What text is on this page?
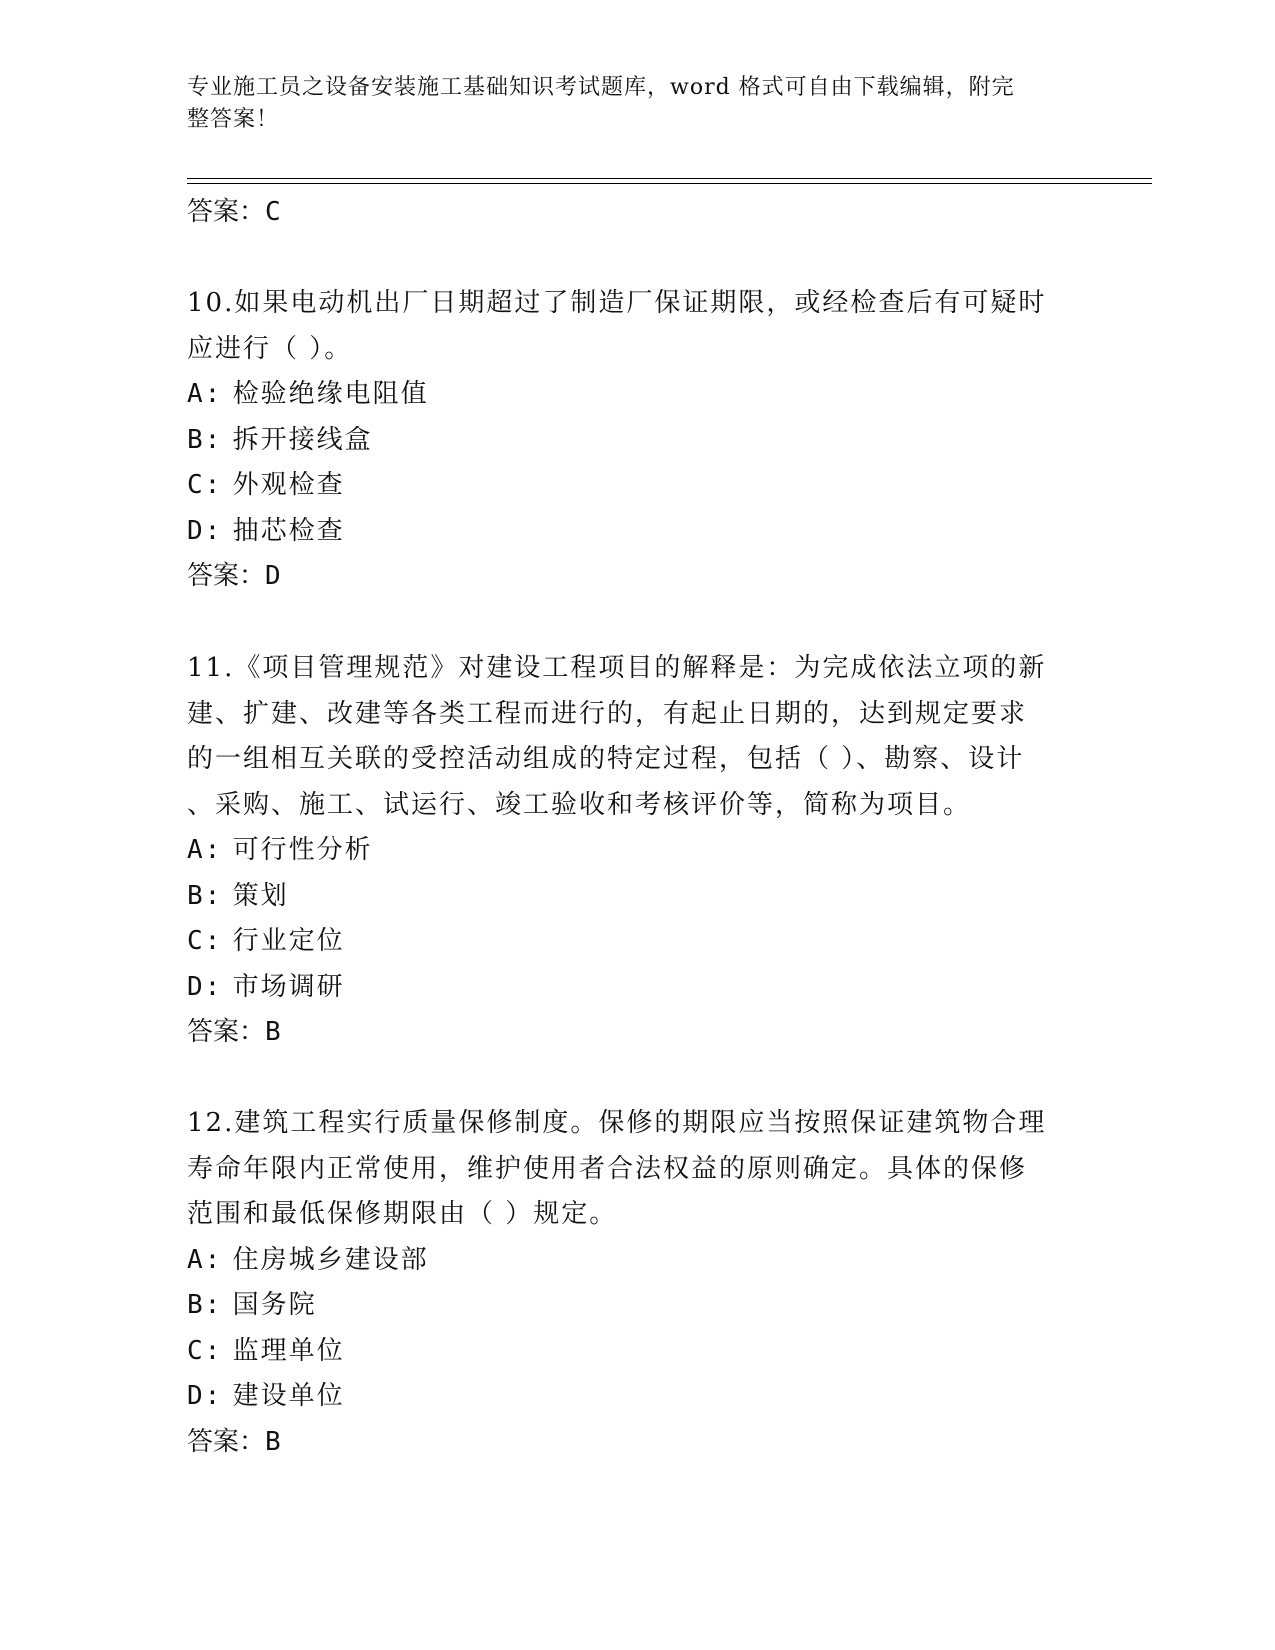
专业施工员之设备安装施工基础知识考试题库，word 格式可自由下载编辑，附完
整答案！
答案：C

10.如果电动机出厂日期超过了制造厂保证期限，或经检查后有可疑时

应进行（ ）。

A: 检验绝缘电阻值

B: 拆开接线盒

C: 外观检查

D: 抽芯检查

答案：D

11.《项目管理规范》对建设工程项目的解释是：为完成依法立项的新

建、扩建、改建等各类工程而进行的，有起止日期的，达到规定要求

的一组相互关联的受控活动组成的特定过程，包括（ ）、勘察、设计

、采购、施工、试运行、竣工验收和考核评价等，简称为项目。

A: 可行性分析

B: 策划

C: 行业定位

D: 市场调研

答案：B

12.建筑工程实行质量保修制度。保修的期限应当按照保证建筑物合理

寿命年限内正常使用，维护使用者合法权益的原则确定。具体的保修

范围和最低保修期限由（ ）规定。

A: 住房城乡建设部

B: 国务院

C: 监理单位

D: 建设单位

答案：B
